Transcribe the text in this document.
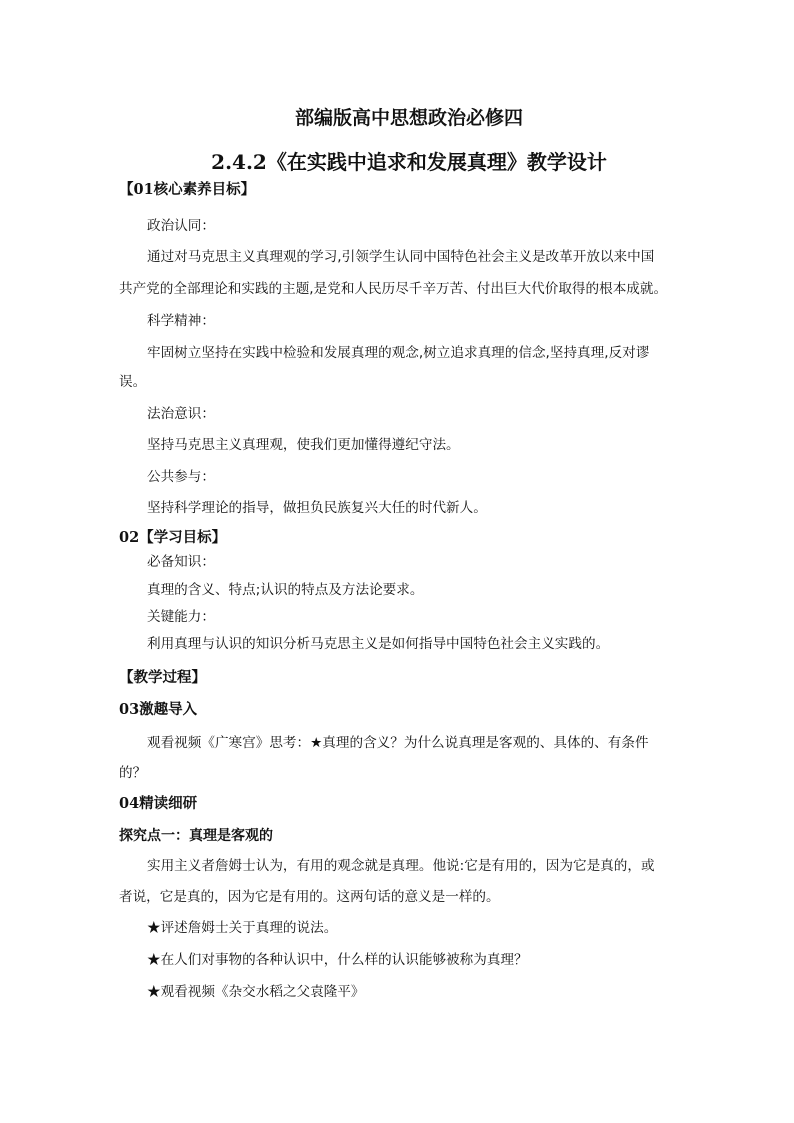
部编版高中思想政治必修四
2.4.2《在实践中追求和发展真理》教学设计
【01核心素养目标】
政治认同：
通过对马克思主义真理观的学习,引领学生认同中国特色社会主义是改革开放以来中国
共产党的全部理论和实践的主题,是党和人民历尽千辛万苦、付出巨大代价取得的根本成就。
科学精神：
牢固树立坚持在实践中检验和发展真理的观念,树立追求真理的信念,坚持真理,反对谬
误。
法治意识：
坚持马克思主义真理观，使我们更加懂得遵纪守法。
公共参与：
坚持科学理论的指导，做担负民族复兴大任的时代新人。
02【学习目标】
必备知识：
真理的含义、特点;认识的特点及方法论要求。
关键能力：
利用真理与认识的知识分析马克思主义是如何指导中国特色社会主义实践的。
【教学过程】
03激趣导入
观看视频《广寒宫》思考：★真理的含义？为什么说真理是客观的、具体的、有条件
的？
04精读细研
探究点一：真理是客观的
实用主义者詹姆士认为，有用的观念就是真理。他说:它是有用的，因为它是真的，或
者说，它是真的，因为它是有用的。这两句话的意义是一样的。
★评述詹姆士关于真理的说法。
★在人们对事物的各种认识中，什么样的认识能够被称为真理？
★观看视频《杂交水稻之父袁隆平》
